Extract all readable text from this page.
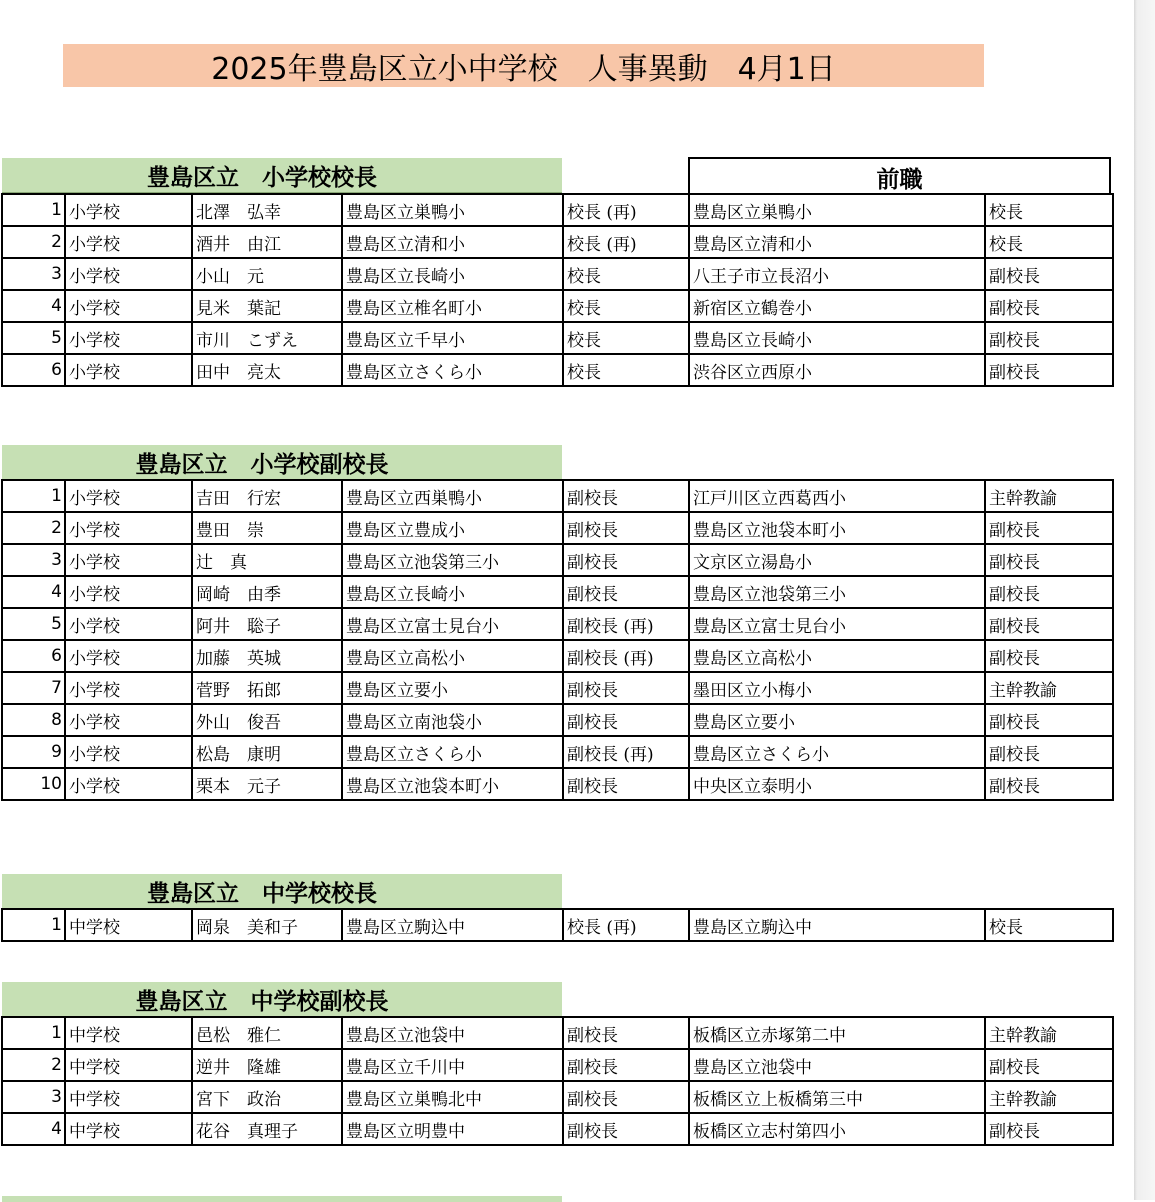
2025年豊島区立小中学校　人事異動　4月1日
前職
豊島区立　小学校校長
1	小学校	北澤　弘幸	豊島区立巣鴨小	校長 (再)	豊島区立巣鴨小	校長
2	小学校	酒井　由江	豊島区立清和小	校長 (再)	豊島区立清和小	校長
3	小学校	小山　元	豊島区立長崎小	校長	八王子市立長沼小	副校長
4	小学校	見米　葉記	豊島区立椎名町小	校長	新宿区立鶴巻小	副校長
5	小学校	市川　こずえ	豊島区立千早小	校長	豊島区立長崎小	副校長
6	小学校	田中　亮太	豊島区立さくら小	校長	渋谷区立西原小	副校長
豊島区立　小学校副校長
1	小学校	吉田　行宏	豊島区立西巣鴨小	副校長	江戸川区立西葛西小	主幹教諭
2	小学校	豊田　崇	豊島区立豊成小	副校長	豊島区立池袋本町小	副校長
3	小学校	辻　真	豊島区立池袋第三小	副校長	文京区立湯島小	副校長
4	小学校	岡崎　由季	豊島区立長崎小	副校長	豊島区立池袋第三小	副校長
5	小学校	阿井　聡子	豊島区立富士見台小	副校長 (再)	豊島区立富士見台小	副校長
6	小学校	加藤　英城	豊島区立高松小	副校長 (再)	豊島区立高松小	副校長
7	小学校	菅野　拓郎	豊島区立要小	副校長	墨田区立小梅小	主幹教諭
8	小学校	外山　俊吾	豊島区立南池袋小	副校長	豊島区立要小	副校長
9	小学校	松島　康明	豊島区立さくら小	副校長 (再)	豊島区立さくら小	副校長
10	小学校	栗本　元子	豊島区立池袋本町小	副校長	中央区立泰明小	副校長
豊島区立　中学校校長
1	中学校	岡泉　美和子	豊島区立駒込中	校長 (再)	豊島区立駒込中	校長
豊島区立　中学校副校長
1	中学校	邑松　雅仁	豊島区立池袋中	副校長	板橋区立赤塚第二中	主幹教諭
2	中学校	逆井　隆雄	豊島区立千川中	副校長	豊島区立池袋中	副校長
3	中学校	宮下　政治	豊島区立巣鴨北中	副校長	板橋区立上板橋第三中	主幹教諭
4	中学校	花谷　真理子	豊島区立明豊中	副校長	板橋区立志村第四小	副校長
